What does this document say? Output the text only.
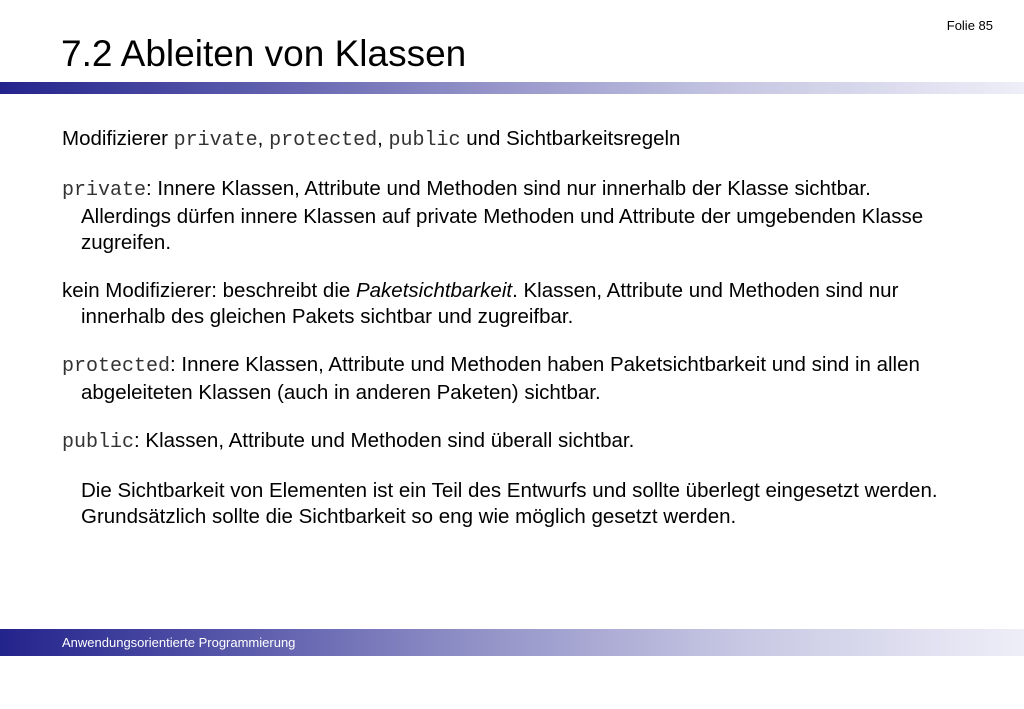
Folie 85
7.2 Ableiten von Klassen

Modifizierer private, protected, public und Sichtbarkeitsregeln

private: Innere Klassen, Attribute und Methoden sind nur innerhalb der Klasse sichtbar. Allerdings dürfen innere Klassen auf private Methoden und Attribute der umgebenden Klasse zugreifen.

kein Modifizierer: beschreibt die Paketsichtbarkeit. Klassen, Attribute und Methoden sind nur innerhalb des gleichen Pakets sichtbar und zugreifbar.

protected: Innere Klassen, Attribute und Methoden haben Paketsichtbarkeit und sind in allen abgeleiteten Klassen (auch in anderen Paketen) sichtbar.

public: Klassen, Attribute und Methoden sind überall sichtbar.

Die Sichtbarkeit von Elementen ist ein Teil des Entwurfs und sollte überlegt eingesetzt werden. Grundsätzlich sollte die Sichtbarkeit so eng wie möglich gesetzt werden.

Anwendungsorientierte Programmierung
